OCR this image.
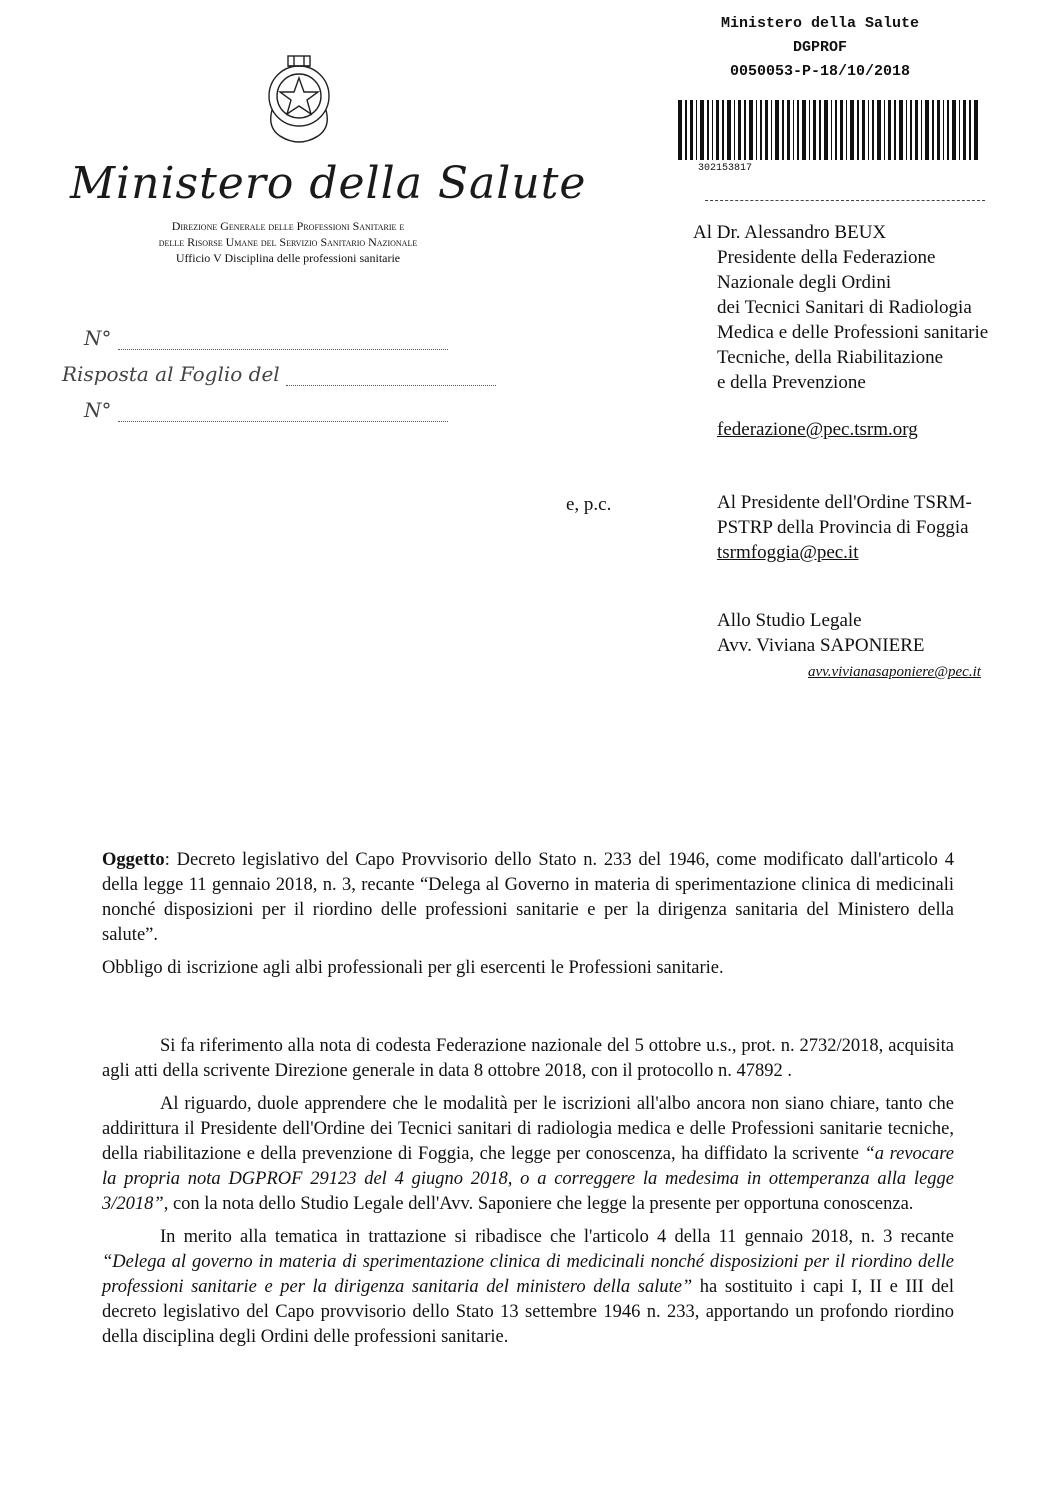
Ministero della Salute
DGPROF
0050053-P-18/10/2018
302153817
Ministero della Salute
Direzione Generale delle Professioni Sanitarie e
delle Risorse Umane del Servizio Sanitario Nazionale
Ufficio V Disciplina delle professioni sanitarie
N°
Risposta al Foglio del
N°
Al Dr. Alessandro BEUX
Presidente della Federazione
Nazionale degli Ordini
dei Tecnici Sanitari di Radiologia
Medica e delle Professioni sanitarie
Tecniche, della Riabilitazione
e della Prevenzione
federazione@pec.tsrm.org
e, p.c.	Al Presidente dell'Ordine TSRM-
PSTRP della Provincia di Foggia
tsrmfoggia@pec.it
Allo Studio Legale
Avv. Viviana SAPONIERE
avv.vivianasaponiere@pec.it

Oggetto: Decreto legislativo del Capo Provvisorio dello Stato n. 233 del 1946, come modificato dall'articolo 4 della legge 11 gennaio 2018, n. 3, recante “Delega al Governo in materia di sperimentazione clinica di medicinali nonché disposizioni per il riordino delle professioni sanitarie e per la dirigenza sanitaria del Ministero della salute”.

Obbligo di iscrizione agli albi professionali per gli esercenti le Professioni sanitarie.

Si fa riferimento alla nota di codesta Federazione nazionale del 5 ottobre u.s., prot. n. 2732/2018, acquisita agli atti della scrivente Direzione generale in data 8 ottobre 2018, con il protocollo n. 47892 .

Al riguardo, duole apprendere che le modalità per le iscrizioni all'albo ancora non siano chiare, tanto che addirittura il Presidente dell'Ordine dei Tecnici sanitari di radiologia medica e delle Professioni sanitarie tecniche, della riabilitazione e della prevenzione di Foggia, che legge per conoscenza, ha diffidato la scrivente “a revocare la propria nota DGPROF 29123 del 4 giugno 2018, o a correggere la medesima in ottemperanza alla legge 3/2018”, con la nota dello Studio Legale dell'Avv. Saponiere che legge la presente per opportuna conoscenza.

In merito alla tematica in trattazione si ribadisce che l'articolo 4 della 11 gennaio 2018, n. 3 recante “Delega al governo in materia di sperimentazione clinica di medicinali nonché disposizioni per il riordino delle professioni sanitarie e per la dirigenza sanitaria del ministero della salute” ha sostituito i capi I, II e III del decreto legislativo del Capo provvisorio dello Stato 13 settembre 1946 n. 233, apportando un profondo riordino della disciplina degli Ordini delle professioni sanitarie.
